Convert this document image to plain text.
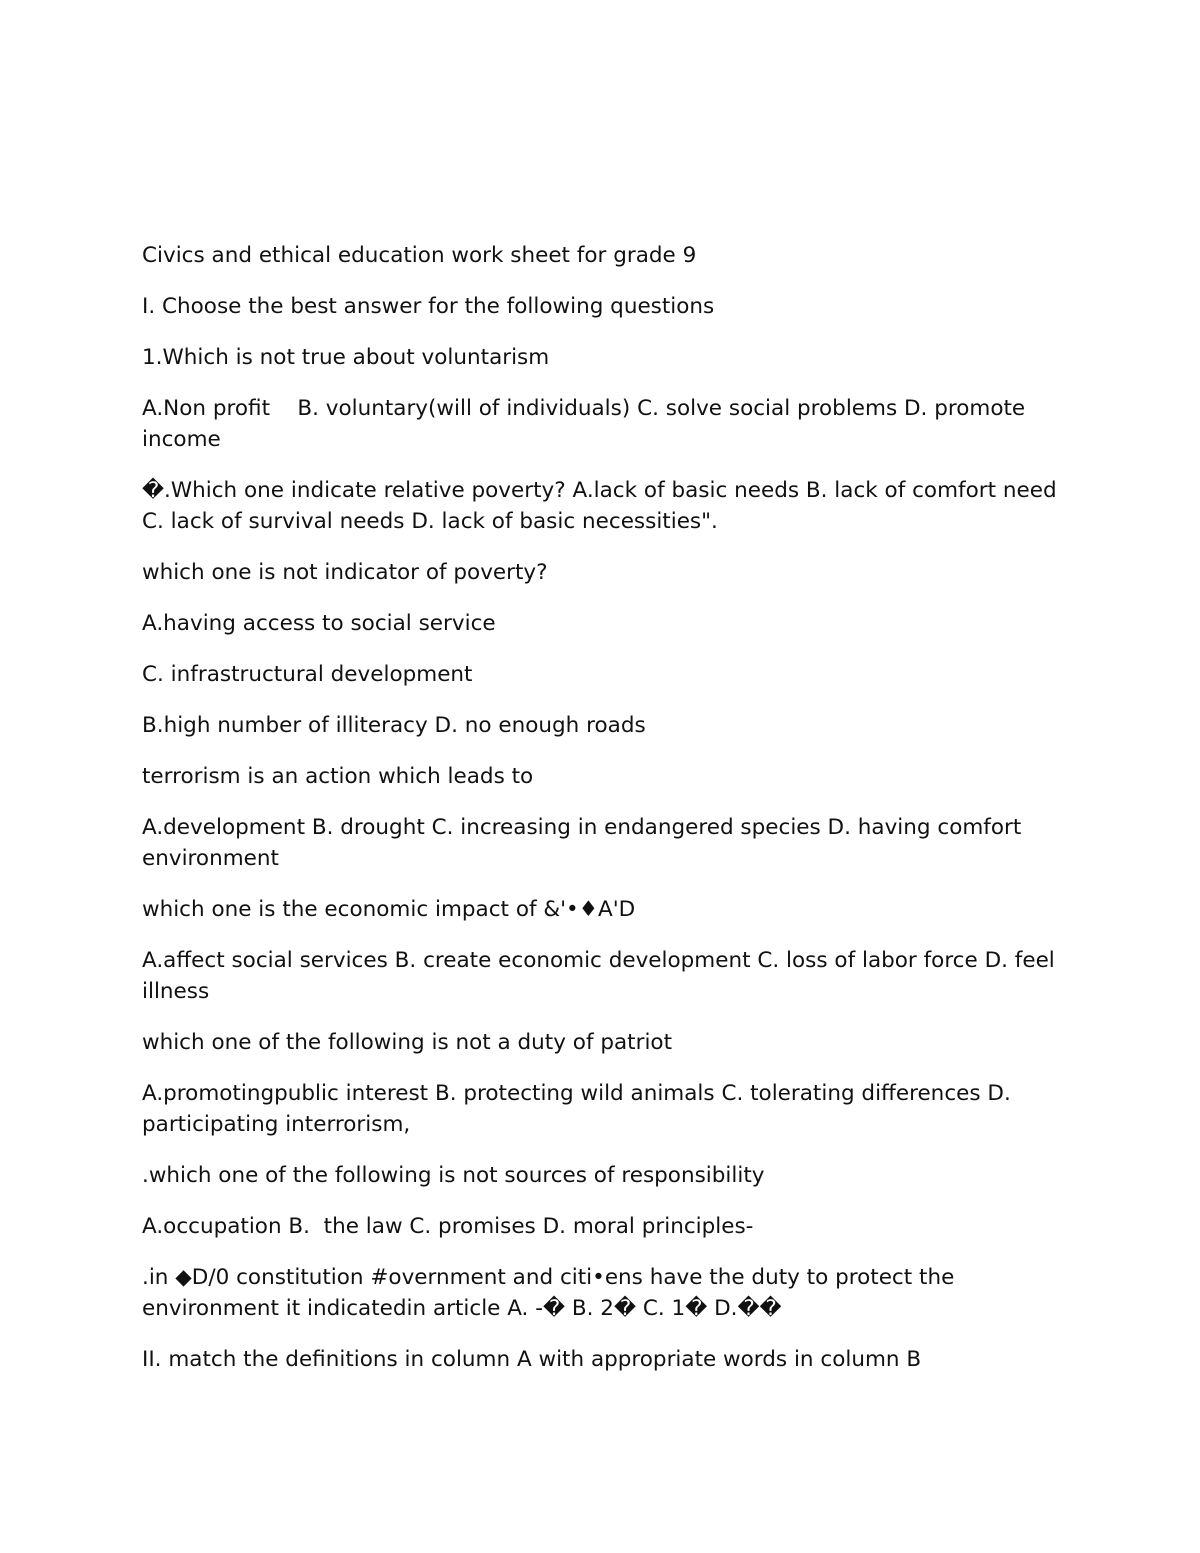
Civics and ethical education work sheet for grade 9

I. Choose the best answer for the following questions

1.Which is not true about voluntarism

A.Non profit    B. voluntary(will of individuals) C. solve social problems D. promote income

�.Which one indicate relative poverty? A.lack of basic needs B. lack of comfort need C. lack of survival needs D. lack of basic necessities".

which one is not indicator of poverty?

A.having access to social service

C. infrastructural development

B.high number of illiteracy D. no enough roads

terrorism is an action which leads to

A.development B. drought C. increasing in endangered species D. having comfort environment

which one is the economic impact of &'•♦A'D

A.affect social services B. create economic development C. loss of labor force D. feel illness

which one of the following is not a duty of patriot

A.promotingpublic interest B. protecting wild animals C. tolerating differences D. participating interrorism,

.which one of the following is not sources of responsibility

A.occupation B.  the law C. promises D. moral principles-

.in ◆D/0 constitution #overnment and citi•ens have the duty to protect the environment it indicatedin article A. -� B. 2� C. 1� D.��

II. match the definitions in column A with appropriate words in column B
